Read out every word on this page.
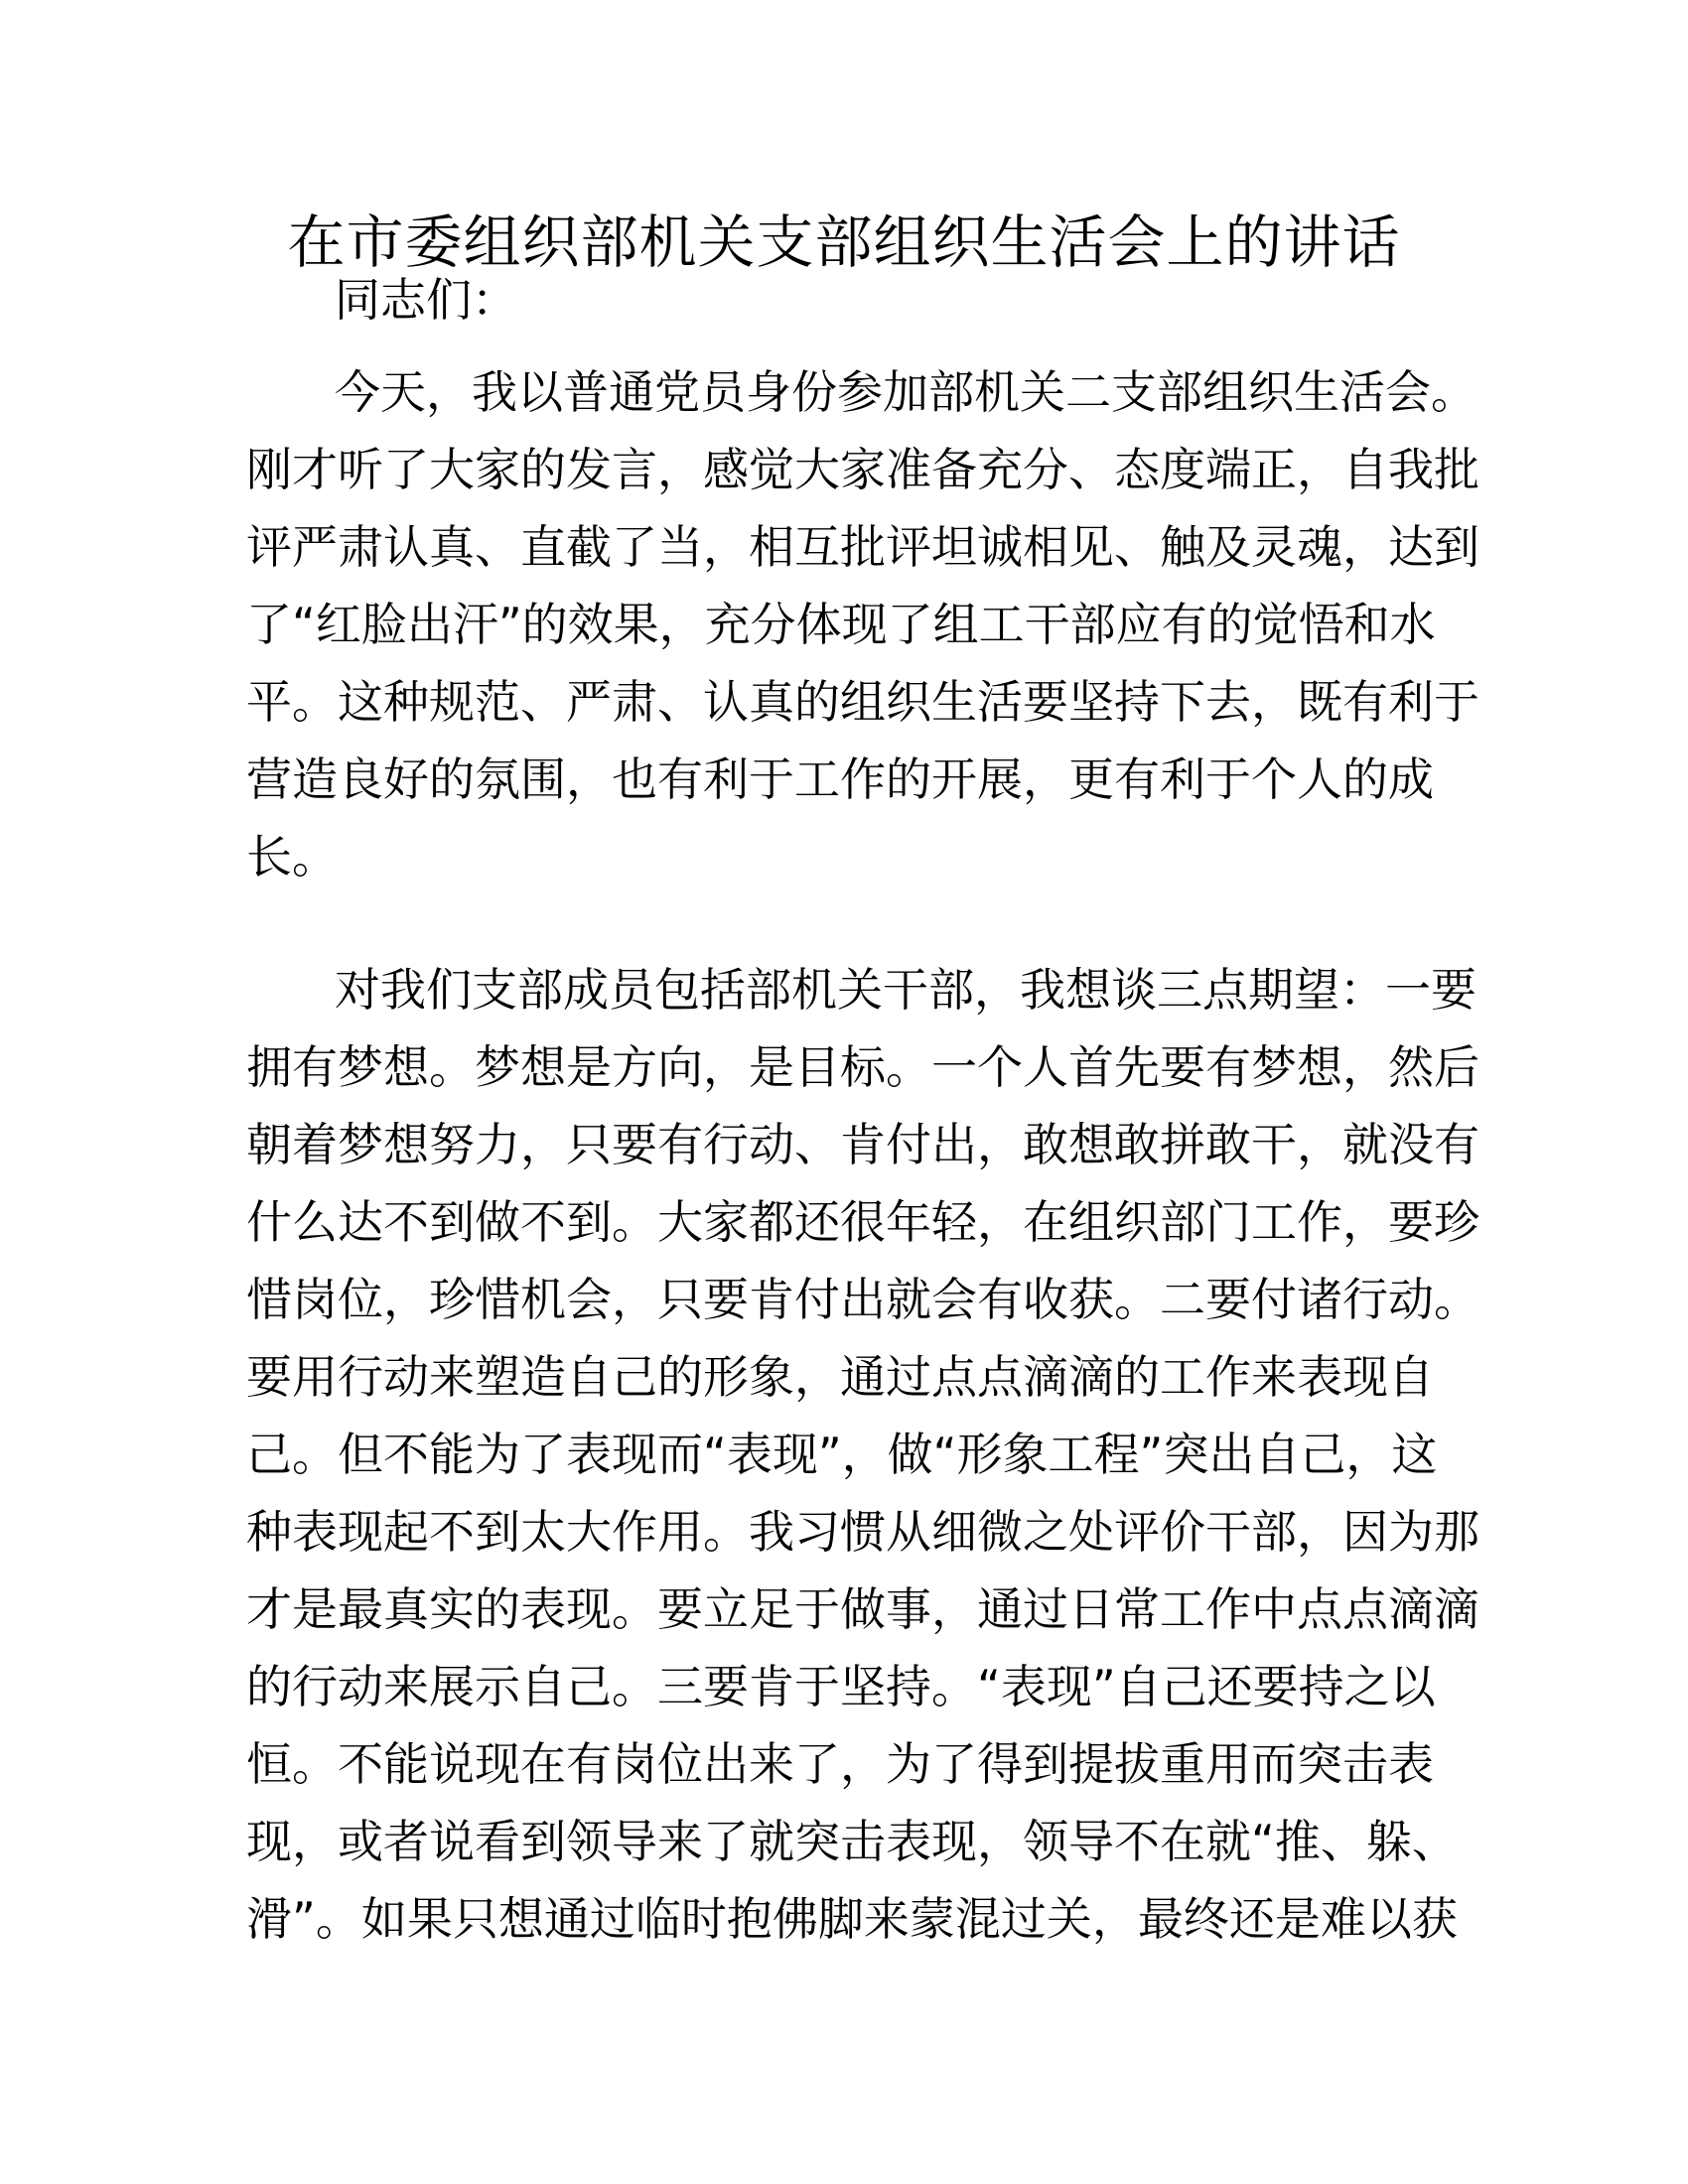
在市委组织部机关支部组织生活会上的讲话
同志们：
今天，我以普通党员身份参加部机关二支部组织生活会。
刚才听了大家的发言，感觉大家准备充分、态度端正，自我批
评严肃认真、直截了当，相互批评坦诚相见、触及灵魂，达到
了“红脸出汗”的效果，充分体现了组工干部应有的觉悟和水
平。这种规范、严肃、认真的组织生活要坚持下去，既有利于
营造良好的氛围，也有利于工作的开展，更有利于个人的成
长。
对我们支部成员包括部机关干部，我想谈三点期望：一要
拥有梦想。梦想是方向，是目标。一个人首先要有梦想，然后
朝着梦想努力，只要有行动、肯付出，敢想敢拼敢干，就没有
什么达不到做不到。大家都还很年轻，在组织部门工作，要珍
惜岗位，珍惜机会，只要肯付出就会有收获。二要付诸行动。
要用行动来塑造自己的形象，通过点点滴滴的工作来表现自
己。但不能为了表现而“表现”，做“形象工程”突出自己，这
种表现起不到太大作用。我习惯从细微之处评价干部，因为那
才是最真实的表现。要立足于做事，通过日常工作中点点滴滴
的行动来展示自己。三要肯于坚持。“表现”自己还要持之以
恒。不能说现在有岗位出来了，为了得到提拔重用而突击表
现，或者说看到领导来了就突击表现，领导不在就“推、躲、
滑”。如果只想通过临时抱佛脚来蒙混过关，最终还是难以获
